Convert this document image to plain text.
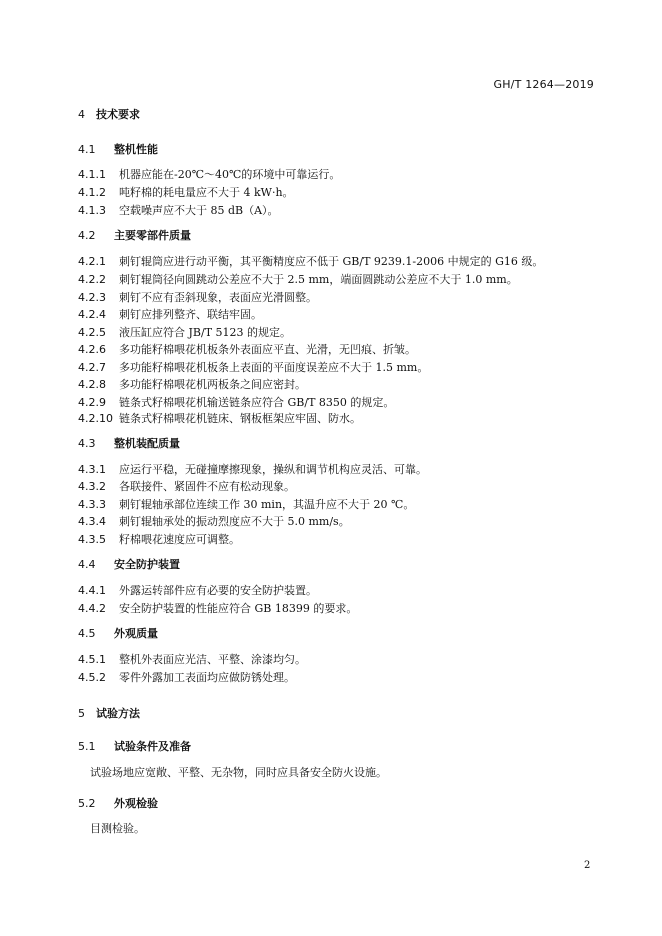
GH/T 1264—2019
4 技术要求
4.1 整机性能
4.1.1 机器应能在-20℃～40℃的环境中可靠运行。
4.1.2 吨籽棉的耗电量应不大于 4 kW·h。
4.1.3 空载噪声应不大于 85 dB（A）。
4.2 主要零部件质量
4.2.1 刺钉辊筒应进行动平衡，其平衡精度应不低于 GB/T 9239.1-2006 中规定的 G16 级。
4.2.2 刺钉辊筒径向圆跳动公差应不大于 2.5 mm，端面圆跳动公差应不大于 1.0 mm。
4.2.3 刺钉不应有歪斜现象，表面应光滑圆整。
4.2.4 刺钉应排列整齐、联结牢固。
4.2.5 液压缸应符合 JB/T 5123 的规定。
4.2.6 多功能籽棉喂花机板条外表面应平直、光滑，无凹痕、折皱。
4.2.7 多功能籽棉喂花机板条上表面的平面度误差应不大于 1.5 mm。
4.2.8 多功能籽棉喂花机两板条之间应密封。
4.2.9 链条式籽棉喂花机输送链条应符合 GB/T 8350 的规定。
4.2.10 链条式籽棉喂花机链床、钢板框架应牢固、防水。
4.3 整机装配质量
4.3.1 应运行平稳，无碰撞摩擦现象，操纵和调节机构应灵活、可靠。
4.3.2 各联接件、紧固件不应有松动现象。
4.3.3 刺钉辊轴承部位连续工作 30 min，其温升应不大于 20 ℃。
4.3.4 刺钉辊轴承处的振动烈度应不大于 5.0 mm/s。
4.3.5 籽棉喂花速度应可调整。
4.4 安全防护装置
4.4.1 外露运转部件应有必要的安全防护装置。
4.4.2 安全防护装置的性能应符合 GB 18399 的要求。
4.5 外观质量
4.5.1 整机外表面应光洁、平整、涂漆均匀。
4.5.2 零件外露加工表面均应做防锈处理。
5 试验方法
5.1 试验条件及准备
试验场地应宽敞、平整、无杂物，同时应具备安全防火设施。
5.2 外观检验
目测检验。
2
